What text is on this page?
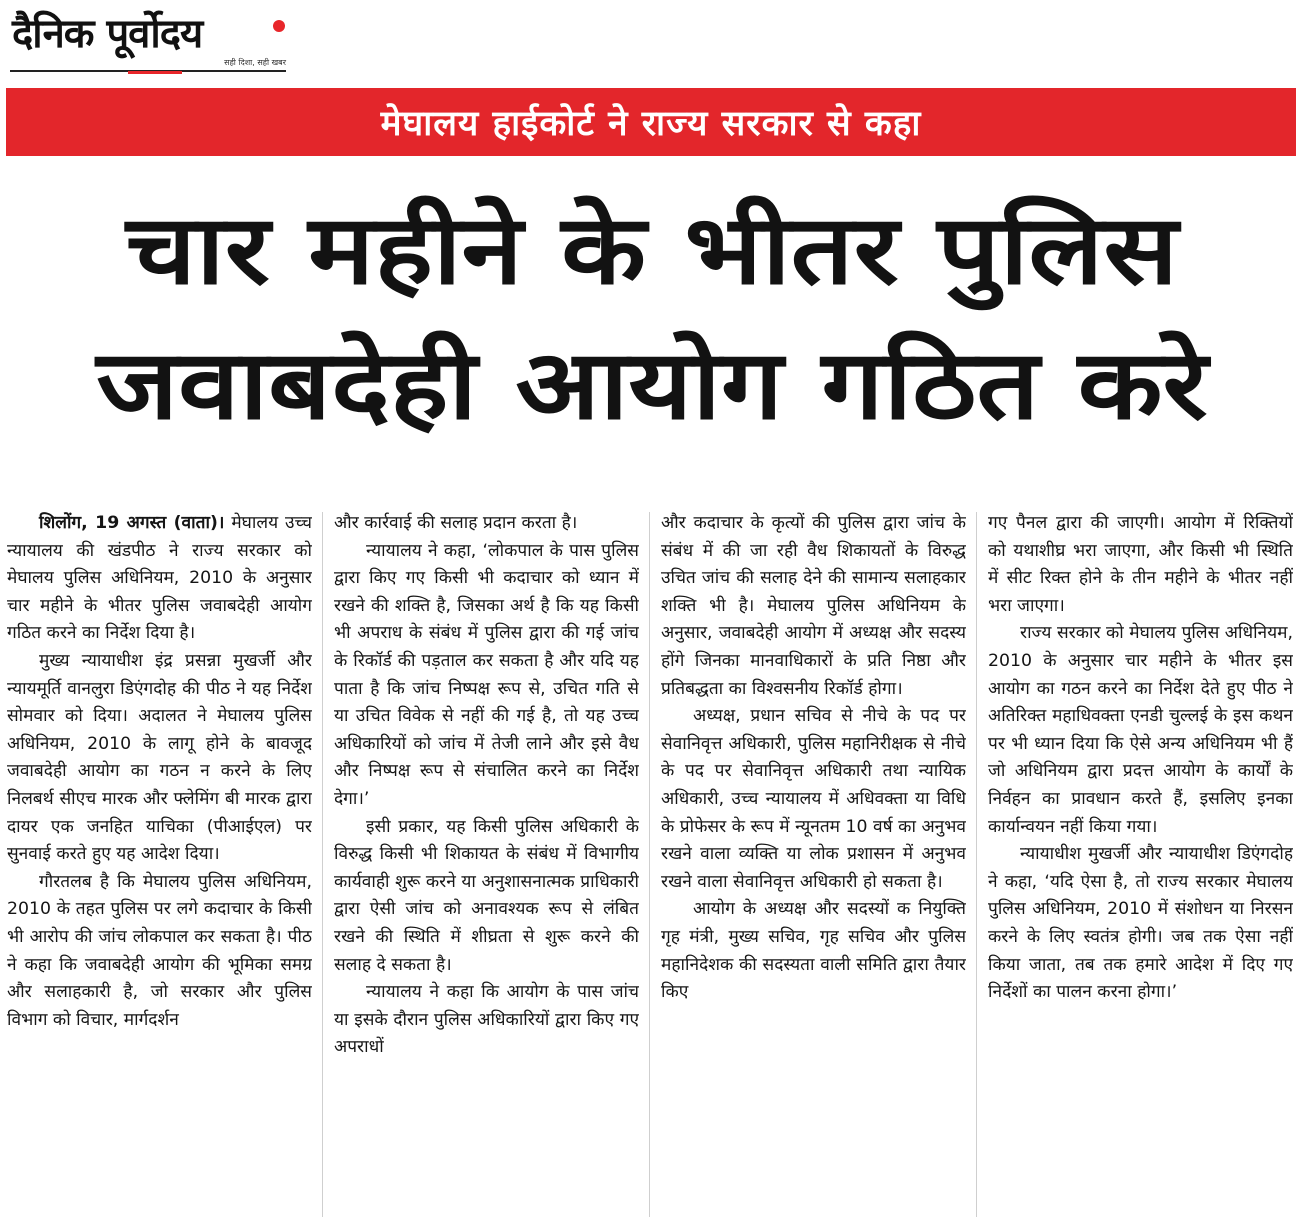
दैनिक पूर्वोदय
सही दिशा, सही खबर
मेघालय हाईकोर्ट ने राज्य सरकार से कहा
चार महीने के भीतर पुलिस
जवाबदेही आयोग गठित करे

शिलोंग, 19 अगस्त (वाता)। मेघालय उच्च न्यायालय की खंडपीठ ने राज्य सरकार को मेघालय पुलिस अधिनियम, 2010 के अनुसार चार महीने के भीतर पुलिस जवाबदेही आयोग गठित करने का निर्देश दिया है।

मुख्य न्यायाधीश इंद्र प्रसन्ना मुखर्जी और न्यायमूर्ति वानलुरा डिएंगदोह की पीठ ने यह निर्देश सोमवार को दिया। अदालत ने मेघालय पुलिस अधिनियम, 2010 के लागू होने के बावजूद जवाबदेही आयोग का गठन न करने के लिए निलबर्थ सीएच मारक और फ्लेमिंग बी मारक द्वारा दायर एक जनहित याचिका (पीआईएल) पर सुनवाई करते हुए यह आदेश दिया।

गौरतलब है कि मेघालय पुलिस अधिनियम, 2010 के तहत पुलिस पर लगे कदाचार के किसी भी आरोप की जांच लोकपाल कर सकता है। पीठ ने कहा कि जवाबदेही आयोग की भूमिका समग्र और सलाहकारी है, जो सरकार और पुलिस विभाग को विचार, मार्गदर्शन

और कार्रवाई की सलाह प्रदान करता है।

न्यायालय ने कहा, ‘लोकपाल के पास पुलिस द्वारा किए गए किसी भी कदाचार को ध्यान में रखने की शक्ति है, जिसका अर्थ है कि यह किसी भी अपराध के संबंध में पुलिस द्वारा की गई जांच के रिकॉर्ड की पड़ताल कर सकता है और यदि यह पाता है कि जांच निष्पक्ष रूप से, उचित गति से या उचित विवेक से नहीं की गई है, तो यह उच्च अधिकारियों को जांच में तेजी लाने और इसे वैध और निष्पक्ष रूप से संचालित करने का निर्देश देगा।’

इसी प्रकार, यह किसी पुलिस अधिकारी के विरुद्ध किसी भी शिकायत के संबंध में विभागीय कार्यवाही शुरू करने या अनुशासनात्मक प्राधिकारी द्वारा ऐसी जांच को अनावश्यक रूप से लंबित रखने की स्थिति में शीघ्रता से शुरू करने की सलाह दे सकता है।

न्यायालय ने कहा कि आयोग के पास जांच या इसके दौरान पुलिस अधिकारियों द्वारा किए गए अपराधों

और कदाचार के कृत्यों की पुलिस द्वारा जांच के संबंध में की जा रही वैध शिकायतों के विरुद्ध उचित जांच की सलाह देने की सामान्य सलाहकार शक्ति भी है। मेघालय पुलिस अधिनियम के अनुसार, जवाबदेही आयोग में अध्यक्ष और सदस्य होंगे जिनका मानवाधिकारों के प्रति निष्ठा और प्रतिबद्धता का विश्वसनीय रिकॉर्ड होगा।

अध्यक्ष, प्रधान सचिव से नीचे के पद पर सेवानिवृत्त अधिकारी, पुलिस महानिरीक्षक से नीचे के पद पर सेवानिवृत्त अधिकारी तथा न्यायिक अधिकारी, उच्च न्यायालय में अधिवक्ता या विधि के प्रोफेसर के रूप में न्यूनतम 10 वर्ष का अनुभव रखने वाला व्यक्ति या लोक प्रशासन में अनुभव रखने वाला सेवानिवृत्त अधिकारी हो सकता है।

आयोग के अध्यक्ष और सदस्यों क नियुक्ति गृह मंत्री, मुख्य सचिव, गृह सचिव और पुलिस महानिदेशक की सदस्यता वाली समिति द्वारा तैयार किए

गए पैनल द्वारा की जाएगी। आयोग में रिक्तियों को यथाशीघ्र भरा जाएगा, और किसी भी स्थिति में सीट रिक्त होने के तीन महीने के भीतर नहीं भरा जाएगा।

राज्य सरकार को मेघालय पुलिस अधिनियम, 2010 के अनुसार चार महीने के भीतर इस आयोग का गठन करने का निर्देश देते हुए पीठ ने अतिरिक्त महाधिवक्ता एनडी चुल्लई के इस कथन पर भी ध्यान दिया कि ऐसे अन्य अधिनियम भी हैं जो अधिनियम द्वारा प्रदत्त आयोग के कार्यों के निर्वहन का प्रावधान करते हैं, इसलिए इनका कार्यान्वयन नहीं किया गया।

न्यायाधीश मुखर्जी और न्यायाधीश डिएंगदोह ने कहा, ‘यदि ऐसा है, तो राज्य सरकार मेघालय पुलिस अधिनियम, 2010 में संशोधन या निरसन करने के लिए स्वतंत्र होगी। जब तक ऐसा नहीं किया जाता, तब तक हमारे आदेश में दिए गए निर्देशों का पालन करना होगा।’
